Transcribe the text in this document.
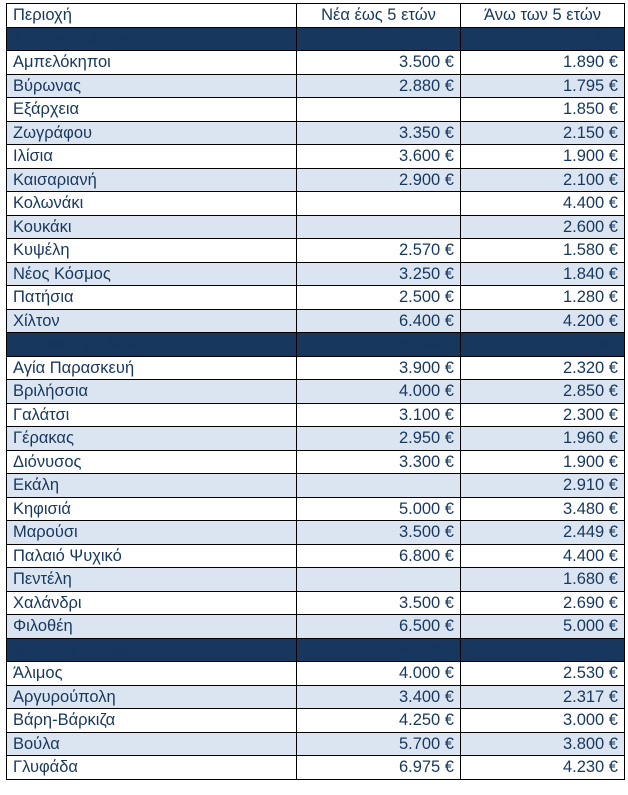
Περιοχή	Νέα έως 5 ετών	Άνω των 5 ετών
Αθήνα - Κέντρο	3.439 €	2.299 €
Αμπελόκηποι	3.500 €	1.890 €
Βύρωνας	2.880 €	1.795 €
Εξάρχεια		1.850 €
Ζωγράφου	3.350 €	2.150 €
Ιλίσια	3.600 €	1.900 €
Καισαριανή	2.900 €	2.100 €
Κολωνάκι		4.400 €
Κουκάκι		2.600 €
Κυψέλη	2.570 €	1.580 €
Νέος Κόσμος	3.250 €	1.840 €
Πατήσια	2.500 €	1.280 €
Χίλτον	6.400 €	4.200 €
Βόρεια Προάστια	4.255 €	2.828€
Αγία Παρασκευή	3.900 €	2.320 €
Βριλήσσια	4.000 €	2.850 €
Γαλάτσι	3.100 €	2.300 €
Γέρακας	2.950 €	1.960 €
Διόνυσος	3.300 €	1.900 €
Εκάλη		2.910 €
Κηφισιά	5.000 €	3.480 €
Μαρούσι	3.500 €	2.449 €
Παλαιό Ψυχικό	6.800 €	4.400 €
Πεντέλη		1.680 €
Χαλάνδρι	3.500 €	2.690 €
Φιλοθέη	6.500 €	5.000 €
Νότια Προάστια	4.258 €	2.755 €
Άλιμος	4.000 €	2.530 €
Αργυρούπολη	3.400 €	2.317 €
Βάρη-Βάρκιζα	4.250 €	3.000 €
Βούλα	5.700 €	3.800 €
Γλυφάδα	6.975 €	4.230 €
